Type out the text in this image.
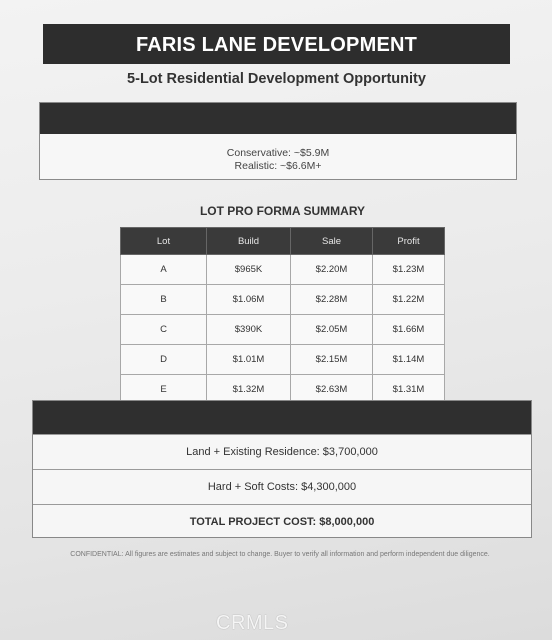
FARIS LANE DEVELOPMENT
5-Lot Residential Development Opportunity
Conservative: ~$5.9M
Realistic: ~$6.6M+
LOT PRO FORMA SUMMARY
Lot	Build	Sale	Profit
A	$965K	$2.20M	$1.23M
B	$1.06M	$2.28M	$1.22M
C	$390K	$2.05M	$1.66M
D	$1.01M	$2.15M	$1.14M
E	$1.32M	$2.63M	$1.31M
Land + Existing Residence: $3,700,000
Hard + Soft Costs: $4,300,000
TOTAL PROJECT COST: $8,000,000
CONFIDENTIAL: All figures are estimates and subject to change. Buyer to verify all information and perform independent due diligence.
CRMLS
